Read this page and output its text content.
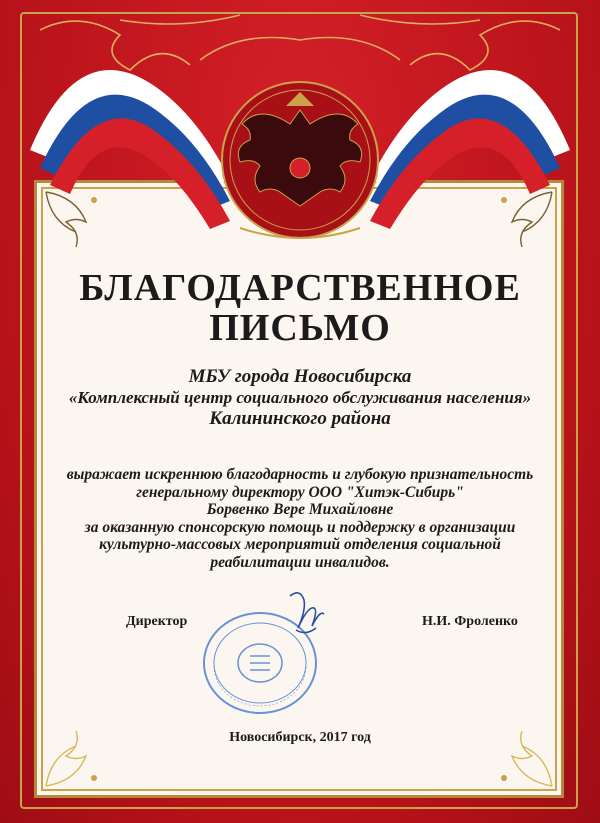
БЛАГОДАРСТВЕННОЕ
ПИСЬМО
МБУ города Новосибирска
«Комплексный центр социального обслуживания населения»
Калининского района
выражает искреннюю благодарность и глубокую признательность
генеральному директору ООО "Хитэк-Сибирь"
Борвенко Вере Михайловне
за оказанную спонсорскую помощь и поддержку в организации
культурно-массовых мероприятий отделения социальной
реабилитации инвалидов.
Директор	Н.И. Фроленко
Новосибирск, 2017 год
